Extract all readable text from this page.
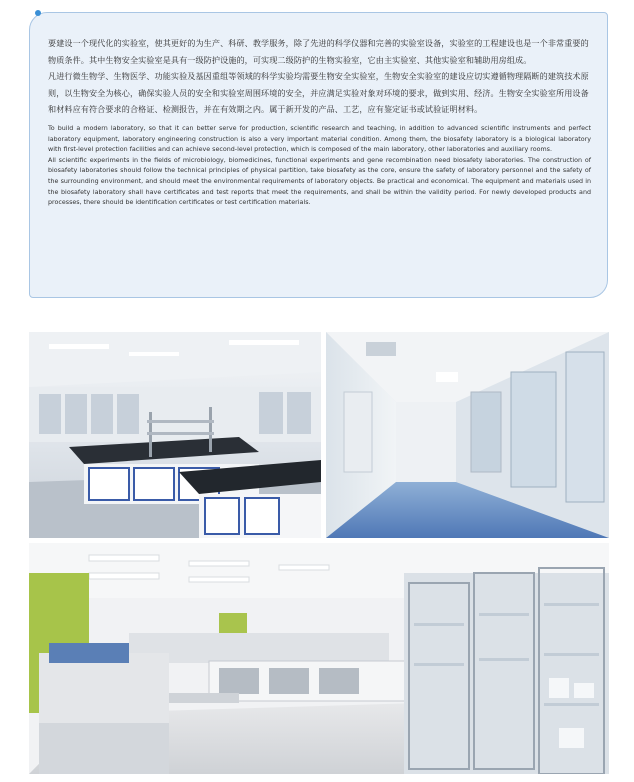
要建设一个现代化的实验室，使其更好的为生产、科研、教学服务，除了先进的科学仪器和完善的实验室设备，实验室的工程建设也是一个非常重要的物质条件。其中生物安全实验室是具有一级防护设施的，可实现二级防护的生物实验室，它由主实验室、其他实验室和辅助用房组成。

凡进行微生物学、生物医学、功能实验及基因重组等领域的科学实验均需要生物安全实验室，生物安全实验室的建设应切实遵循物理隔断的建筑技术原则，以生物安全为核心，确保实验人员的安全和实验室周围环境的安全，并应满足实验对象对环境的要求，做到实用、经济。生物安全实验室所用设备和材料应有符合要求的合格证、检测报告，并在有效期之内。属于新开发的产品、工艺，应有鉴定证书或试验证明材料。

To build a modern laboratory, so that it can better serve for production, scientific research and teaching, in addition to advanced scientific instruments and perfect laboratory equipment, laboratory engineering construction is also a very important material condition. Among them, the biosafety laboratory is a biological laboratory with first-level protection facilities and can achieve second-level protection, which is composed of the main laboratory, other laboratories and auxiliary rooms.

All scientific experiments in the fields of microbiology, biomedicines, functional experiments and gene recombination need biosafety laboratories. The construction of biosafety laboratories should follow the technical principles of physical partition, take biosafety as the core, ensure the safety of laboratory personnel and the safety of the surrounding environment, and should meet the environmental requirements of laboratory objects. Be practical and economical. The equipment and materials used in the biosafety laboratory shall have certificates and test reports that meet the requirements, and shall be within the validity period. For newly developed products and processes, there should be identification certificates or test certification materials.
